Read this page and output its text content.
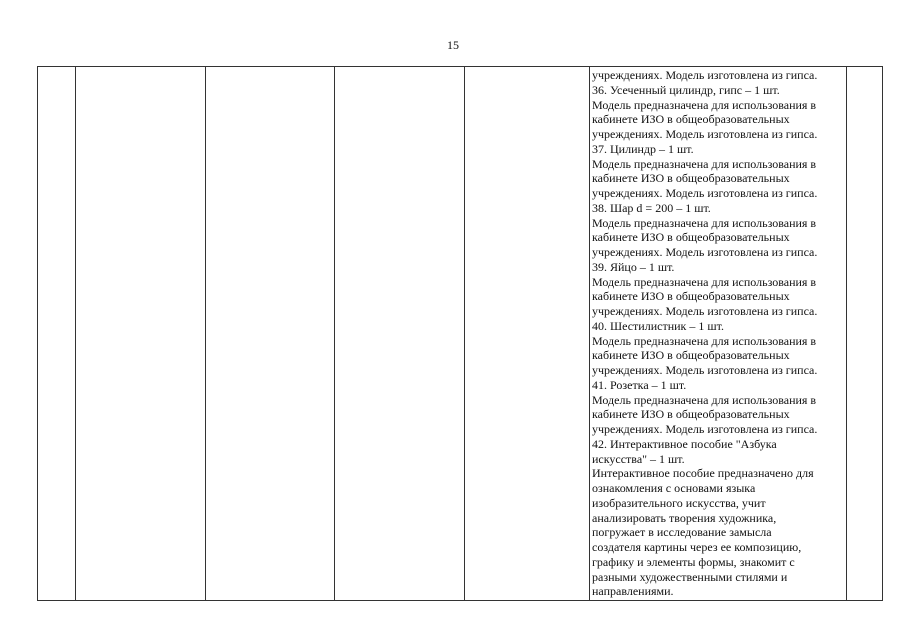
15
учреждениях. Модель изготовлена из гипса.
36. Усеченный цилиндр, гипс – 1 шт.
Модель предназначена для использования в
кабинете ИЗО в общеобразовательных
учреждениях. Модель изготовлена из гипса.
37. Цилиндр – 1 шт.
Модель предназначена для использования в
кабинете ИЗО в общеобразовательных
учреждениях. Модель изготовлена из гипса.
38. Шар d = 200 – 1 шт.
Модель предназначена для использования в
кабинете ИЗО в общеобразовательных
учреждениях. Модель изготовлена из гипса.
39. Яйцо – 1 шт.
Модель предназначена для использования в
кабинете ИЗО в общеобразовательных
учреждениях. Модель изготовлена из гипса.
40. Шестилистник – 1 шт.
Модель предназначена для использования в
кабинете ИЗО в общеобразовательных
учреждениях. Модель изготовлена из гипса.
41. Розетка – 1 шт.
Модель предназначена для использования в
кабинете ИЗО в общеобразовательных
учреждениях. Модель изготовлена из гипса.
42. Интерактивное пособие "Азбука
искусства" – 1 шт.
Интерактивное пособие предназначено для
ознакомления с основами языка
изобразительного искусства, учит
анализировать творения художника,
погружает в исследование замысла
создателя картины через ее композицию,
графику и элементы формы, знакомит с
разными художественными стилями и
направлениями.
